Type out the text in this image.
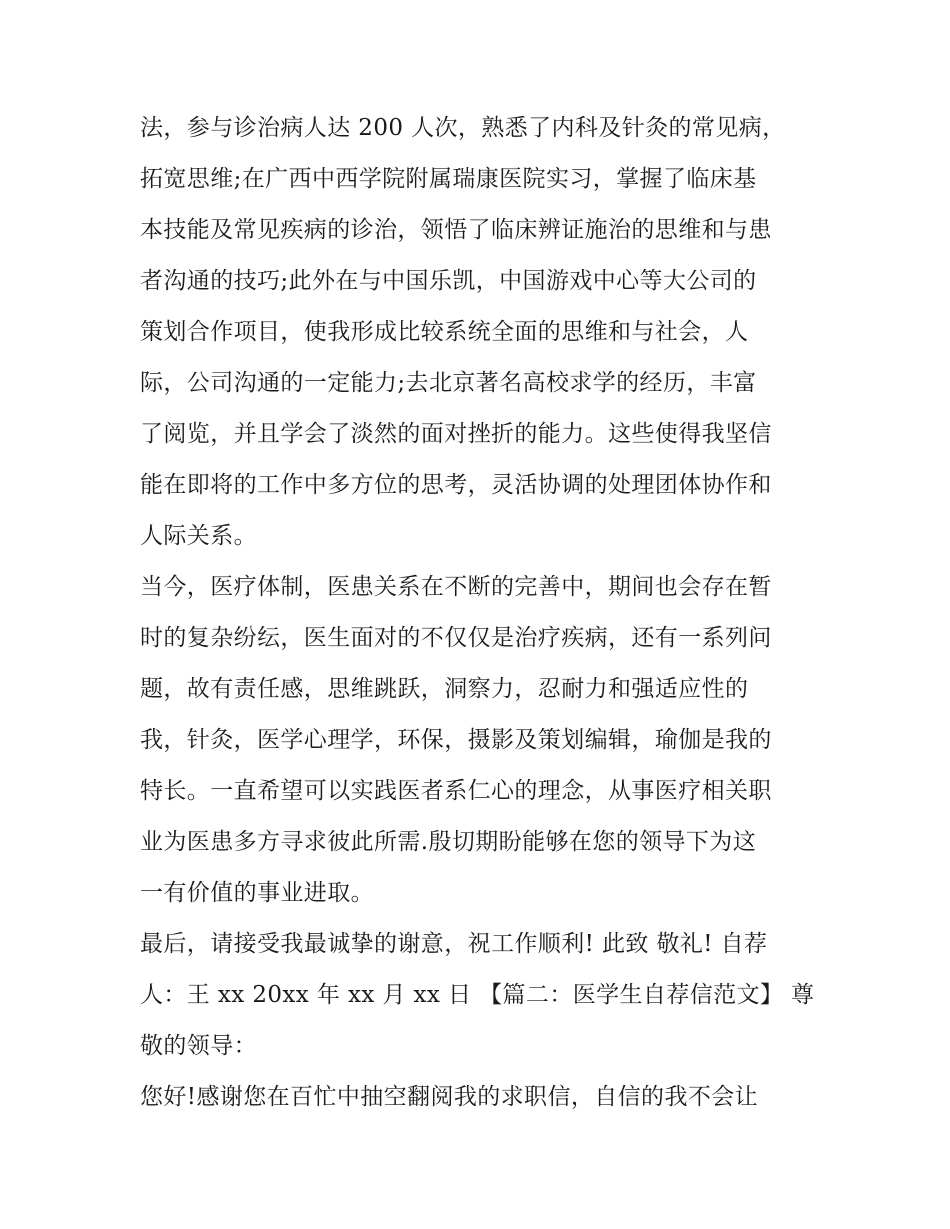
法，参与诊治病人达 200 人次，熟悉了内科及针灸的常见病，
拓宽思维;在广西中西学院附属瑞康医院实习，掌握了临床基
本技能及常见疾病的诊治，领悟了临床辨证施治的思维和与患
者沟通的技巧;此外在与中国乐凯，中国游戏中心等大公司的
策划合作项目，使我形成比较系统全面的思维和与社会，人
际，公司沟通的一定能力;去北京著名高校求学的经历，丰富
了阅览，并且学会了淡然的面对挫折的能力。这些使得我坚信
能在即将的工作中多方位的思考，灵活协调的处理团体协作和
人际关系。
当今，医疗体制，医患关系在不断的完善中，期间也会存在暂
时的复杂纷纭，医生面对的不仅仅是治疗疾病，还有一系列问
题，故有责任感，思维跳跃，洞察力，忍耐力和强适应性的
我，针灸，医学心理学，环保，摄影及策划编辑，瑜伽是我的
特长。一直希望可以实践医者系仁心的理念，从事医疗相关职
业为医患多方寻求彼此所需.殷切期盼能够在您的领导下为这
一有价值的事业进取。
最后，请接受我最诚挚的谢意，祝工作顺利! 此致 敬礼! 自荐
人：王 xx 20xx 年 xx 月 xx 日 【篇二：医学生自荐信范文】 尊
敬的领导：
您好!感谢您在百忙中抽空翻阅我的求职信，自信的我不会让
